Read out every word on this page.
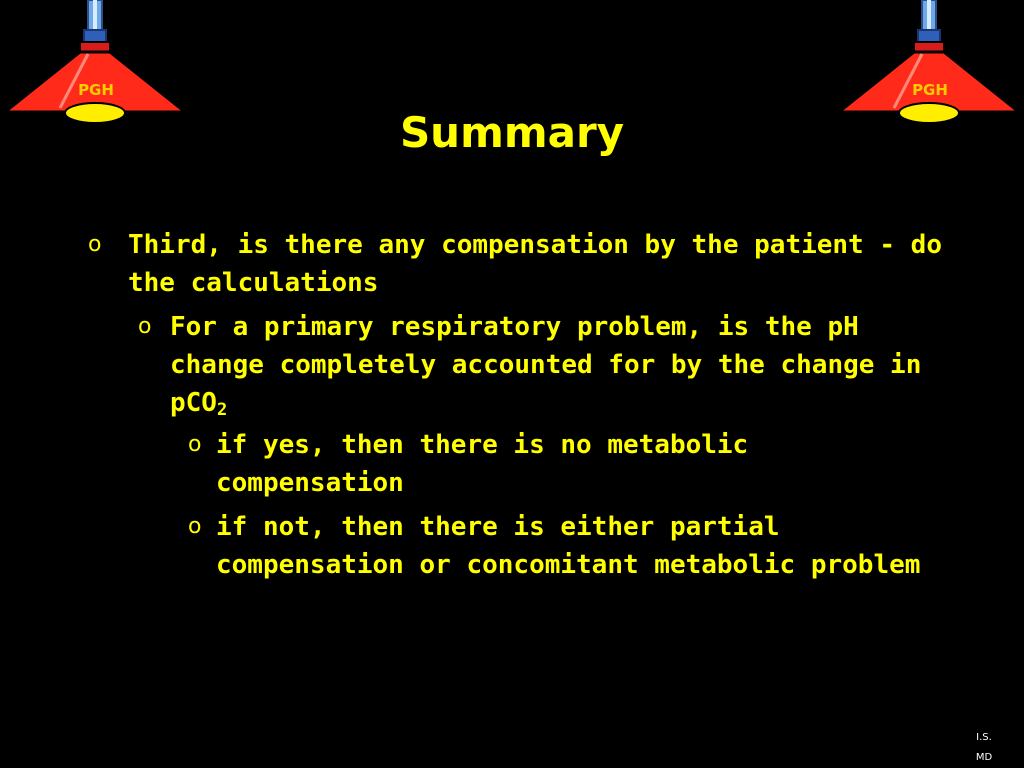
PGH	PGH
Summary
o Third, is there any compensation by the patient - do the calculations
o For a primary respiratory problem, is the pH change completely accounted for by the change in pCO$_2$
o if yes, then there is no metabolic compensation
o if not, then there is either partial compensation or concomitant metabolic problem
I.S.
MD
